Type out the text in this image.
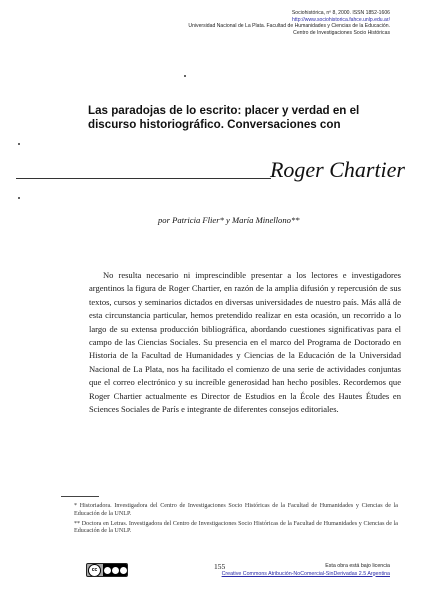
Sociohistórica, nº 8, 2000. ISSN 1852-1606
http://www.sociohistorica.fahce.unlp.edu.ar/
Universidad Nacional de La Plata. Facultad de Humanidades y Ciencias de la Educación.
Centro de Investigaciones Socio Históricas
Las paradojas de lo escrito: placer y verdad en el discurso historiográfico. Conversaciones con
Roger Chartier
por Patricia Flier* y María Minellono**
No resulta necesario ni imprescindible presentar a los lectores e investigadores argentinos la figura de Roger Chartier, en razón de la amplia difusión y repercusión de sus textos, cursos y seminarios dictados en diversas universidades de nuestro país. Más allá de esta circunstancia particular, hemos pretendido realizar en esta ocasión, un recorrido a lo largo de su extensa producción bibliográfica, abordando cuestiones significativas para el campo de las Ciencias Sociales. Su presencia en el marco del Programa de Doctorado en Historia de la Facultad de Humanidades y Ciencias de la Educación de la Universidad Nacional de La Plata, nos ha facilitado el comienzo de una serie de actividades conjuntas que el correo electrónico y su increíble generosidad han hecho posibles. Recordemos que Roger Chartier actualmente es Director de Estudios en la École des Hautes Études en Sciences Sociales de París e integrante de diferentes consejos editoriales.

* Historiadora. Investigadora del Centro de Investigaciones Socio Históricas de la Facultad de Humanidades y Ciencias de la Educación de la UNLP.

** Doctora en Letras. Investigadora del Centro de Investigaciones Socio Históricas de la Facultad de Humanidades y Ciencias de la Educación de la UNLP.

cc	155	Esta obra está bajo licencia
Creative Commons Atribución-NoComercial-SinDerivadas 2.5 Argentina
